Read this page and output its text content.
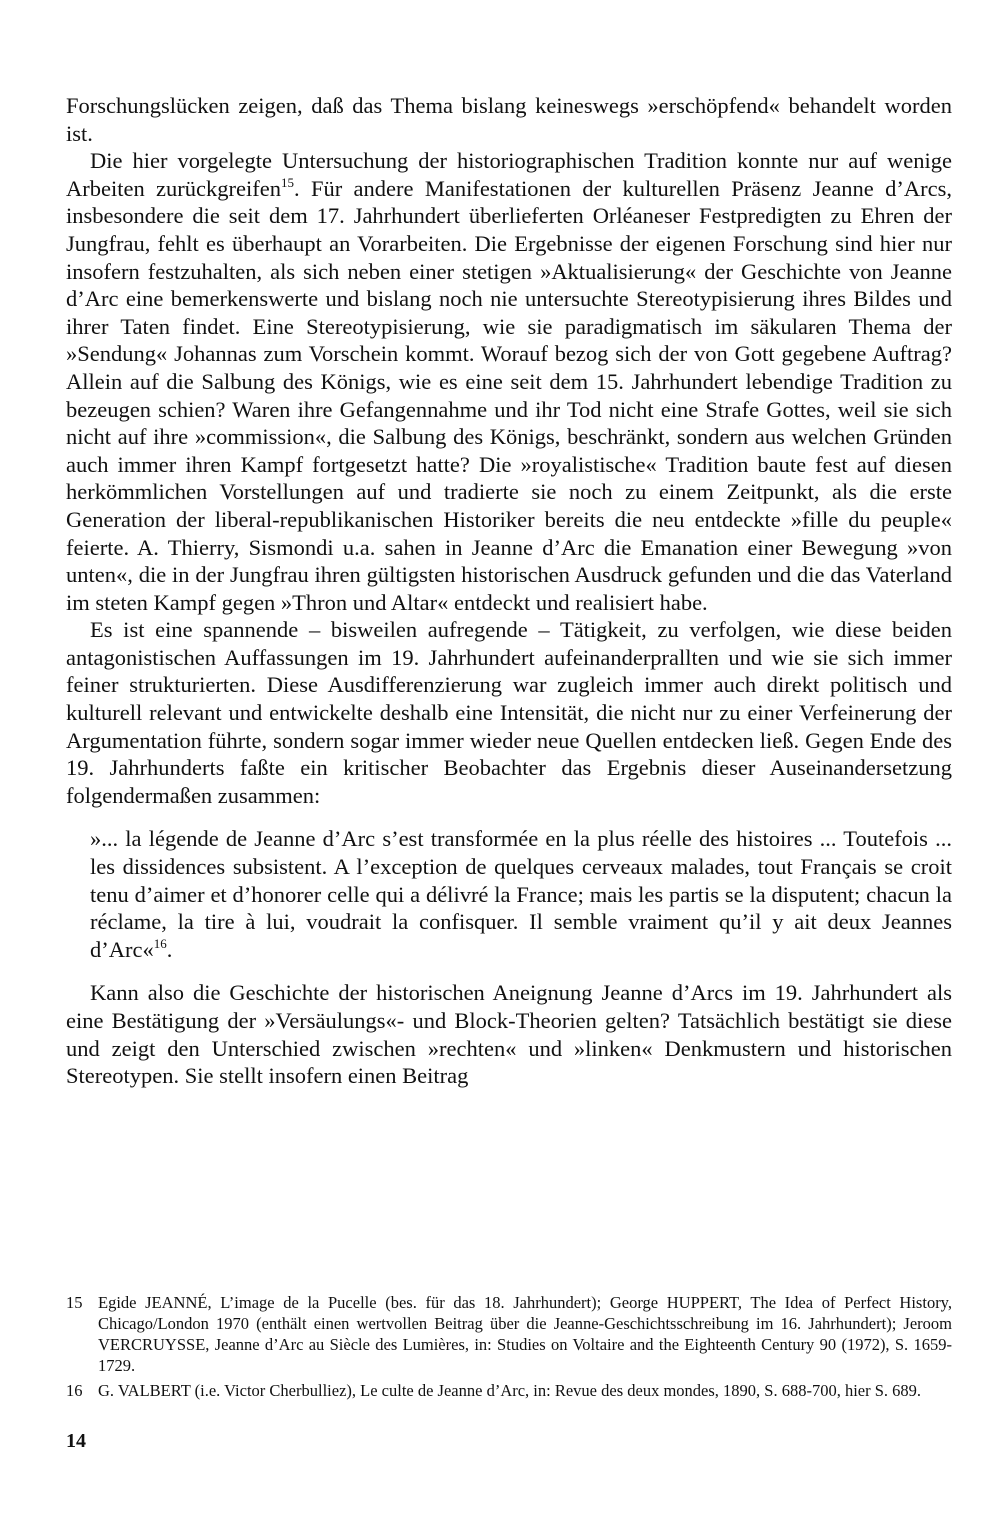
Forschungslücken zeigen, daß das Thema bislang keineswegs »erschöpfend« behandelt worden ist.

Die hier vorgelegte Untersuchung der historiographischen Tradition konnte nur auf wenige Arbeiten zurückgreifen$^{15}$. Für andere Manifestationen der kulturellen Präsenz Jeanne d’Arcs, insbesondere die seit dem 17. Jahrhundert überlieferten Orléaneser Festpredigten zu Ehren der Jungfrau, fehlt es überhaupt an Vorarbeiten. Die Ergebnisse der eigenen Forschung sind hier nur insofern festzuhalten, als sich neben einer stetigen »Aktualisierung« der Geschichte von Jeanne d’Arc eine bemerkenswerte und bislang noch nie untersuchte Stereotypisierung ihres Bildes und ihrer Taten findet. Eine Stereotypisierung, wie sie paradigmatisch im säkularen Thema der »Sendung« Johannas zum Vorschein kommt. Worauf bezog sich der von Gott gegebene Auftrag? Allein auf die Salbung des Königs, wie es eine seit dem 15. Jahrhundert lebendige Tradition zu bezeugen schien? Waren ihre Gefangennahme und ihr Tod nicht eine Strafe Gottes, weil sie sich nicht auf ihre »commission«, die Salbung des Königs, beschränkt, sondern aus welchen Gründen auch immer ihren Kampf fortgesetzt hatte? Die »royalistische« Tradition baute fest auf diesen herkömmlichen Vorstellungen auf und tradierte sie noch zu einem Zeitpunkt, als die erste Generation der liberal-republikanischen Historiker bereits die neu entdeckte »fille du peuple« feierte. A. Thierry, Sismondi u.a. sahen in Jeanne d’Arc die Emanation einer Bewegung »von unten«, die in der Jungfrau ihren gültigsten historischen Ausdruck gefunden und die das Vaterland im steten Kampf gegen »Thron und Altar« entdeckt und realisiert habe.

Es ist eine spannende – bisweilen aufregende – Tätigkeit, zu verfolgen, wie diese beiden antagonistischen Auffassungen im 19. Jahrhundert aufeinanderprallten und wie sie sich immer feiner strukturierten. Diese Ausdifferenzierung war zugleich immer auch direkt politisch und kulturell relevant und entwickelte deshalb eine Intensität, die nicht nur zu einer Verfeinerung der Argumentation führte, sondern sogar immer wieder neue Quellen entdecken ließ. Gegen Ende des 19. Jahrhunderts faßte ein kritischer Beobachter das Ergebnis dieser Auseinandersetzung folgendermaßen zusammen:

»... la légende de Jeanne d’Arc s’est transformée en la plus réelle des histoires ... Toutefois ... les dissidences subsistent. A l’exception de quelques cerveaux malades, tout Français se croit tenu d’aimer et d’honorer celle qui a délivré la France; mais les partis se la disputent; chacun la réclame, la tire à lui, voudrait la confisquer. Il semble vraiment qu’il y ait deux Jeannes d’Arc«$^{16}$.

Kann also die Geschichte der historischen Aneignung Jeanne d’Arcs im 19. Jahrhundert als eine Bestätigung der »Versäulungs«- und Block-Theorien gelten? Tatsächlich bestätigt sie diese und zeigt den Unterschied zwischen »rechten« und »linken« Denkmustern und historischen Stereotypen. Sie stellt insofern einen Beitrag

15 Egide JEANNÉ, L’image de la Pucelle (bes. für das 18. Jahrhundert); George HUPPERT, The Idea of Perfect History, Chicago/London 1970 (enthält einen wertvollen Beitrag über die Jeanne-Geschichtsschreibung im 16. Jahrhundert); Jeroom VERCRUYSSE, Jeanne d’Arc au Siècle des Lumières, in: Studies on Voltaire and the Eighteenth Century 90 (1972), S. 1659-1729.
16 G. VALBERT (i.e. Victor Cherbulliez), Le culte de Jeanne d’Arc, in: Revue des deux mondes, 1890, S. 688-700, hier S. 689.
14
